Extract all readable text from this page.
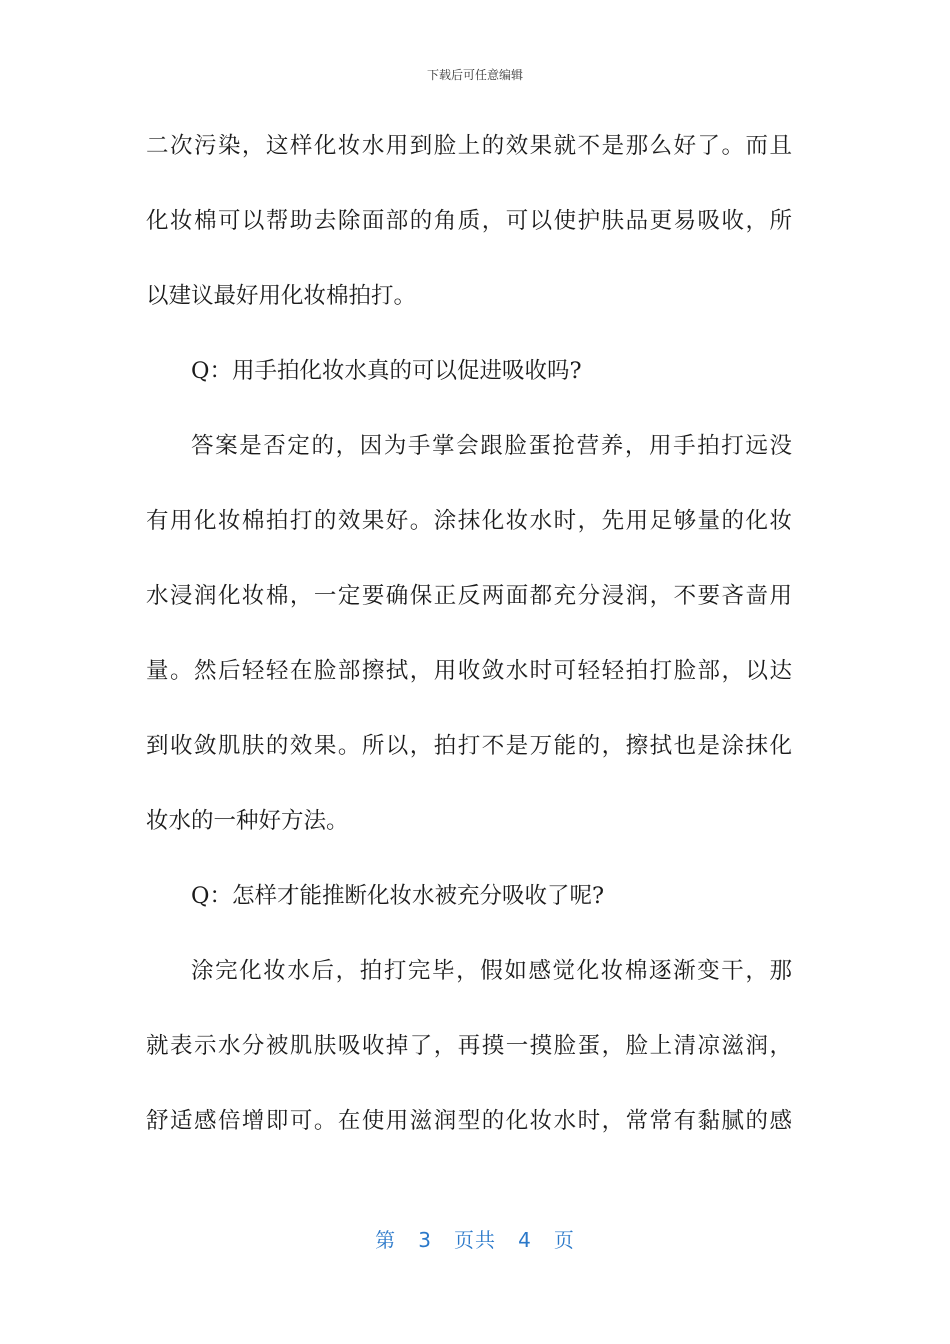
下载后可任意编辑
二次污染，这样化妆水用到脸上的效果就不是那么好了。而且
化妆棉可以帮助去除面部的角质，可以使护肤品更易吸收，所
以建议最好用化妆棉拍打。
Q：用手拍化妆水真的可以促进吸收吗?
答案是否定的，因为手掌会跟脸蛋抢营养，用手拍打远没
有用化妆棉拍打的效果好。涂抹化妆水时，先用足够量的化妆
水浸润化妆棉，一定要确保正反两面都充分浸润，不要吝啬用
量。然后轻轻在脸部擦拭，用收敛水时可轻轻拍打脸部，以达
到收敛肌肤的效果。所以，拍打不是万能的，擦拭也是涂抹化
妆水的一种好方法。
Q：怎样才能推断化妆水被充分吸收了呢?
涂完化妆水后，拍打完毕，假如感觉化妆棉逐渐变干，那
就表示水分被肌肤吸收掉了，再摸一摸脸蛋，脸上清凉滋润，
舒适感倍增即可。在使用滋润型的化妆水时，常常有黏腻的感
第 3 页共 4 页
